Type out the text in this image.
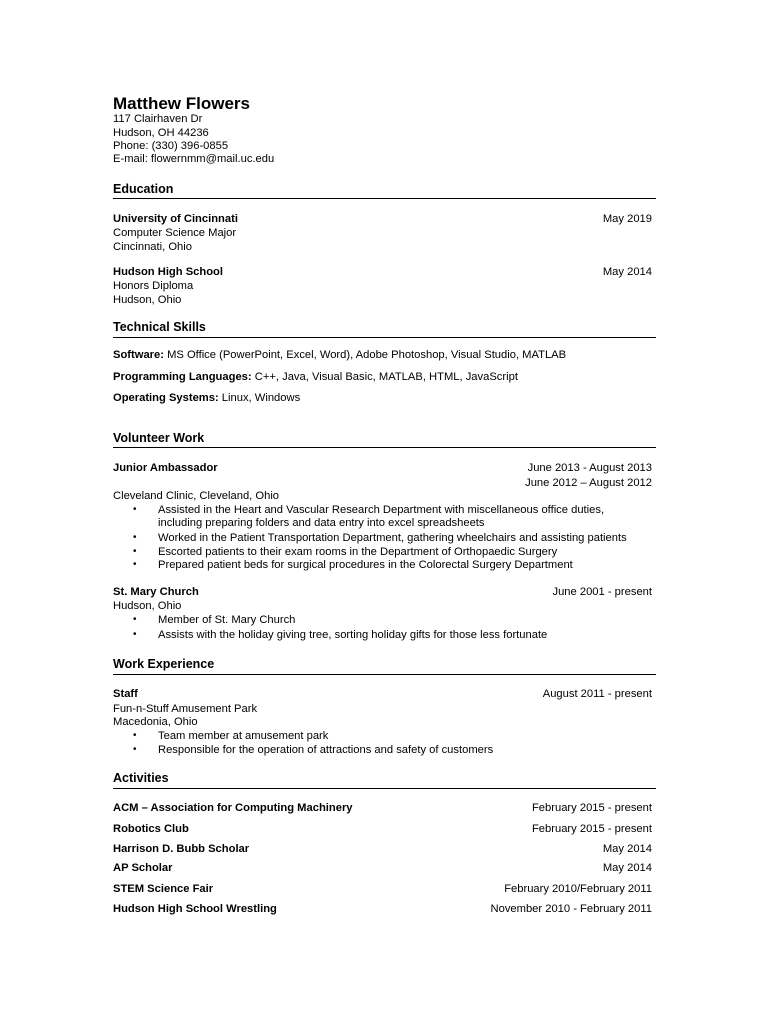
Matthew Flowers
117 Clairhaven Dr
Hudson, OH 44236
Phone: (330) 396-0855
E-mail: flowernmm@mail.uc.edu
Education
University of Cincinnati	May 2019
Computer Science Major
Cincinnati, Ohio
Hudson High School	May 2014
Honors Diploma
Hudson, Ohio
Technical Skills
Software: MS Office (PowerPoint, Excel, Word), Adobe Photoshop, Visual Studio, MATLAB
Programming Languages: C++, Java, Visual Basic, MATLAB, HTML, JavaScript
Operating Systems: Linux, Windows
Volunteer Work
Junior Ambassador	June 2013 - August 2013
June 2012 – August 2012
Cleveland Clinic, Cleveland, Ohio
• Assisted in the Heart and Vascular Research Department with miscellaneous office duties,
including preparing folders and data entry into excel spreadsheets
• Worked in the Patient Transportation Department, gathering wheelchairs and assisting patients
• Escorted patients to their exam rooms in the Department of Orthopaedic Surgery
• Prepared patient beds for surgical procedures in the Colorectal Surgery Department
St. Mary Church	June 2001 - present
Hudson, Ohio
• Member of St. Mary Church
• Assists with the holiday giving tree, sorting holiday gifts for those less fortunate
Work Experience
Staff	August 2011 - present
Fun-n-Stuff Amusement Park
Macedonia, Ohio
• Team member at amusement park
• Responsible for the operation of attractions and safety of customers
Activities
ACM – Association for Computing Machinery	February 2015 - present
Robotics Club	February 2015 - present
Harrison D. Bubb Scholar	May 2014
AP Scholar	May 2014
STEM Science Fair	February 2010/February 2011
Hudson High School Wrestling	November 2010 - February 2011
